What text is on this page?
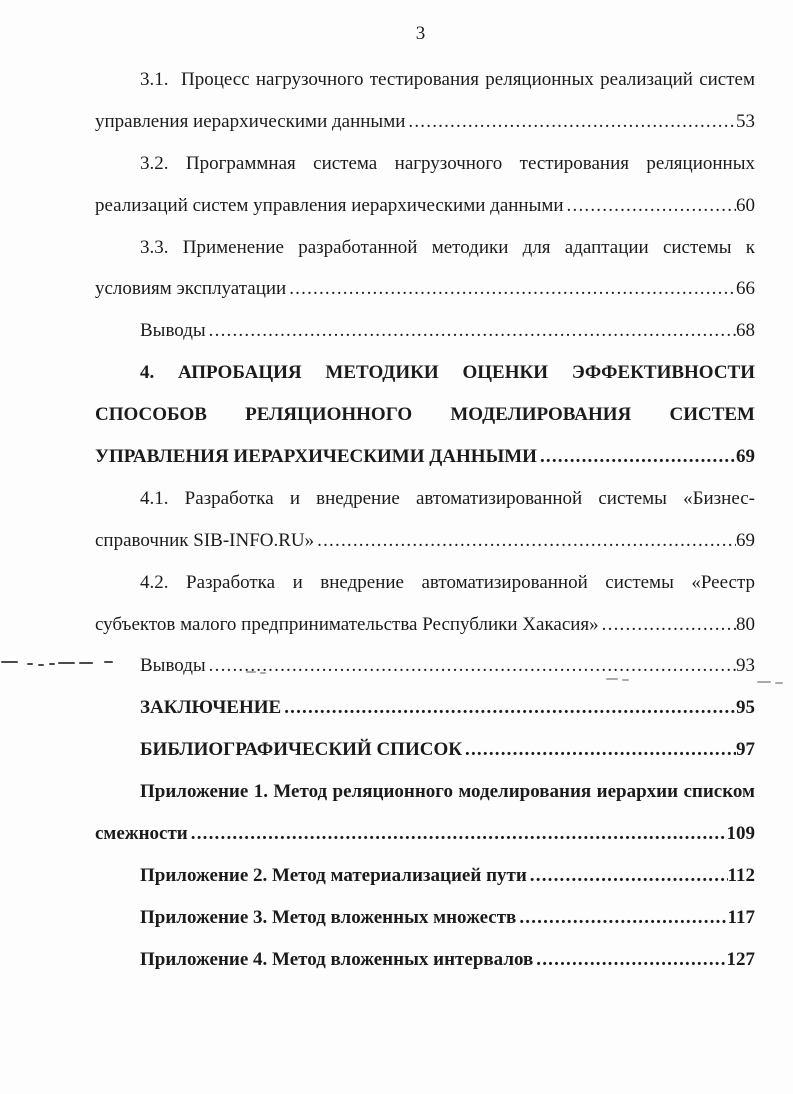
3
3.1.  Процесс нагрузочного тестирования реляционных реализаций систем
управления иерархическими данными .....	53
3.2. Программная система нагрузочного тестирования реляционных
реализаций систем управления иерархическими данными .....	60
3.3. Применение разработанной методики для адаптации системы к
условиям эксплуатации .....	66
Выводы .....	68
4. АПРОБАЦИЯ МЕТОДИКИ ОЦЕНКИ ЭФФЕКТИВНОСТИ
СПОСОБОВ РЕЛЯЦИОННОГО МОДЕЛИРОВАНИЯ СИСТЕМ
УПРАВЛЕНИЯ ИЕРАРХИЧЕСКИМИ ДАННЫМИ .....	69
4.1. Разработка и внедрение автоматизированной системы «Бизнес-
справочник SIB-INFO.RU» .....	69
4.2. Разработка и внедрение автоматизированной системы «Реестр
субъектов малого предпринимательства Республики Хакасия» .....	80
Выводы .....	93
ЗАКЛЮЧЕНИЕ .....	95
БИБЛИОГРАФИЧЕСКИЙ СПИСОК .....	97
Приложение 1. Метод реляционного моделирования иерархии списком
смежности .....	109
Приложение 2. Метод материализацией пути .....	112
Приложение 3. Метод вложенных множеств .....	117
Приложение 4. Метод вложенных интервалов .....	127
